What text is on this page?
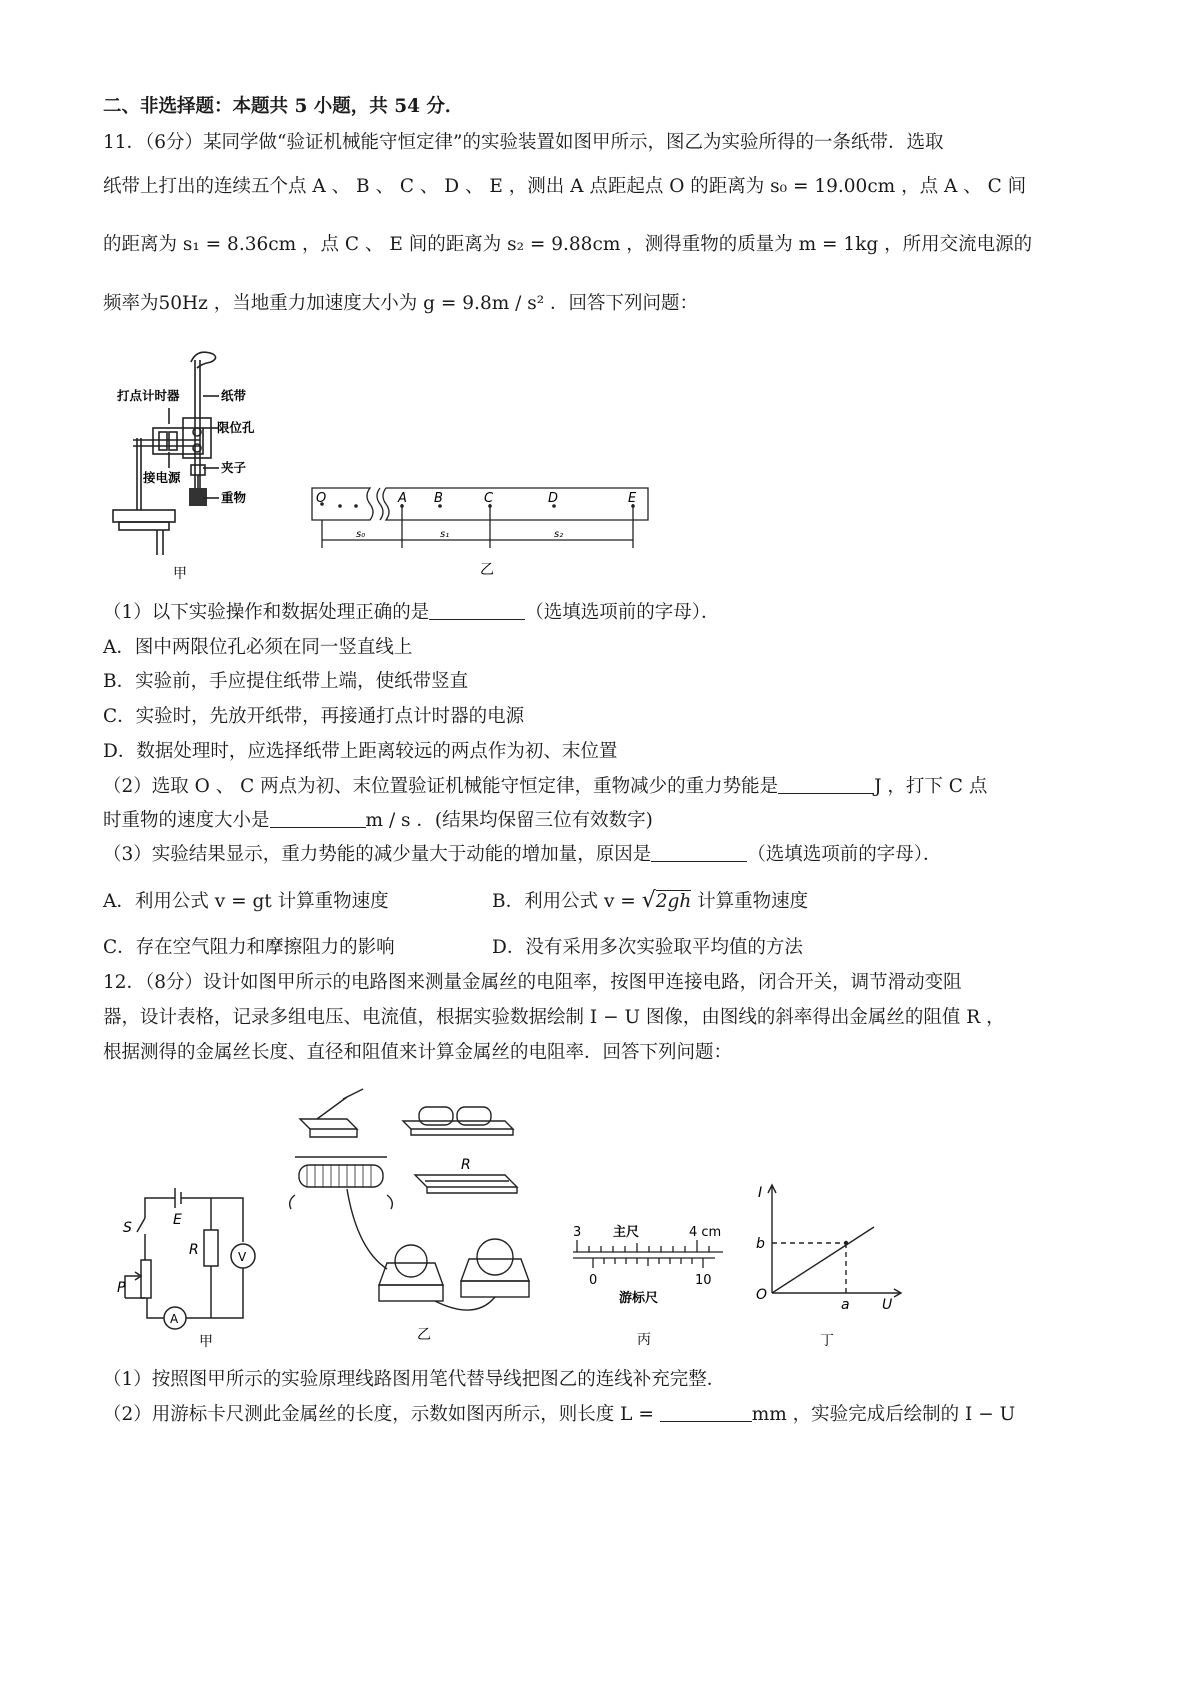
二、非选择题：本题共 5 小题，共 54 分．
11．（6分）某同学做“验证机械能守恒定律”的实验装置如图甲所示，图乙为实验所得的一条纸带．选取
纸带上打出的连续五个点 A 、 B 、 C 、 D 、 E ，测出 A 点距起点 O 的距离为 s₀ = 19.00cm ，点 A 、 C 间
的距离为 s₁ = 8.36cm ，点 C 、 E 间的距离为 s₂ = 9.88cm ，测得重物的质量为 m = 1kg ，所用交流电源的
频率为50Hz ，当地重力加速度大小为 g = 9.8m / s² ．回答下列问题：
打点计时器	纸带
限位孔
接电源
夹子
重物
甲
O	A B	C	D	E
s₀	s₁	s₂
乙
（1）以下实验操作和数据处理正确的是	（选填选项前的字母）．
A．图中两限位孔必须在同一竖直线上
B．实验前，手应提住纸带上端，使纸带竖直
C．实验时，先放开纸带，再接通打点计时器的电源
D．数据处理时，应选择纸带上距离较远的两点作为初、末位置
（2）选取 O 、 C 两点为初、末位置验证机械能守恒定律，重物减少的重力势能是	J ，打下 C 点
时重物的速度大小是	m / s ．(结果均保留三位有效数字)
（3）实验结果显示，重力势能的减少量大于动能的增加量，原因是	（选填选项前的字母）．
A．利用公式 v = gt 计算重物速度	B．利用公式 v = √2gh 计算重物速度
C．存在空气阻力和摩擦阻力的影响	D．没有采用多次实验取平均值的方法
12．（8分）设计如图甲所示的电路图来测量金属丝的电阻率，按图甲连接电路，闭合开关，调节滑动变阻
器，设计表格，记录多组电压、电流值，根据实验数据绘制 I − U 图像，由图线的斜率得出金属丝的阻值 R ，
根据测得的金属丝长度、直径和阻值来计算金属丝的电阻率．回答下列问题：
S	E
R	V
P
A
甲
R
乙
3 主尺	4 cm
0	10
游标尺
丙
I
b
O
a U
丁
（1）按照图甲所示的实验原理线路图用笔代替导线把图乙的连线补充完整．
（2）用游标卡尺测此金属丝的长度，示数如图丙所示，则长度 L =	mm ，实验完成后绘制的 I − U
